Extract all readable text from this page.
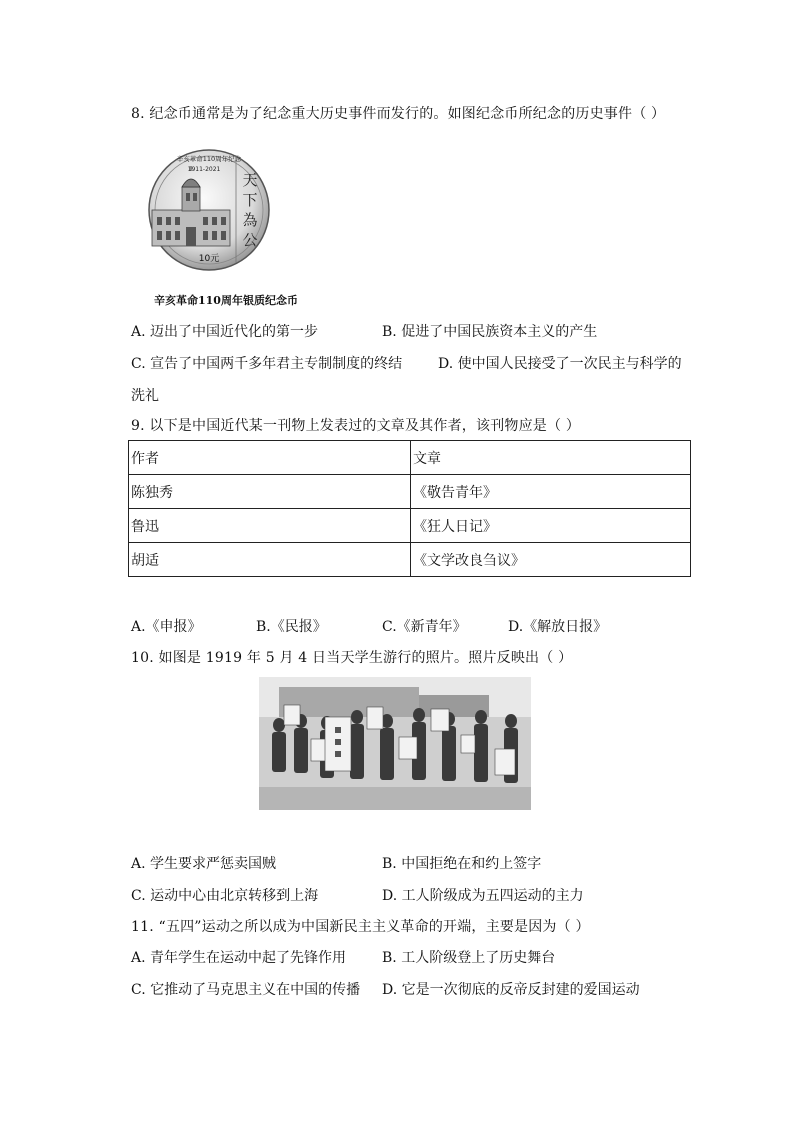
8. 纪念币通常是为了纪念重大历史事件而发行的。如图纪念币所纪念的历史事件（ ）
辛亥革命110周年纪念
1911-2021
天
下
為
公
10元
辛亥革命110周年银质纪念币
A. 迈出了中国近代化的第一步	B. 促进了中国民族资本主义的产生
C. 宣告了中国两千多年君主专制制度的终结	D. 使中国人民接受了一次民主与科学的
洗礼
9. 以下是中国近代某一刊物上发表过的文章及其作者，该刊物应是（ ）
作者	文章
陈独秀	《敬告青年》
鲁迅	《狂人日记》
胡适	《文学改良刍议》
A.《申报》	B.《民报》	C.《新青年》	D.《解放日报》
10. 如图是 1919 年 5 月 4 日当天学生游行的照片。照片反映出（ ）
A. 学生要求严惩卖国贼	B. 中国拒绝在和约上签字
C. 运动中心由北京转移到上海	D. 工人阶级成为五四运动的主力
11. “五四”运动之所以成为中国新民主主义革命的开端，主要是因为（ ）
A. 青年学生在运动中起了先锋作用	B. 工人阶级登上了历史舞台
C. 它推动了马克思主义在中国的传播 D. 它是一次彻底的反帝反封建的爱国运动
